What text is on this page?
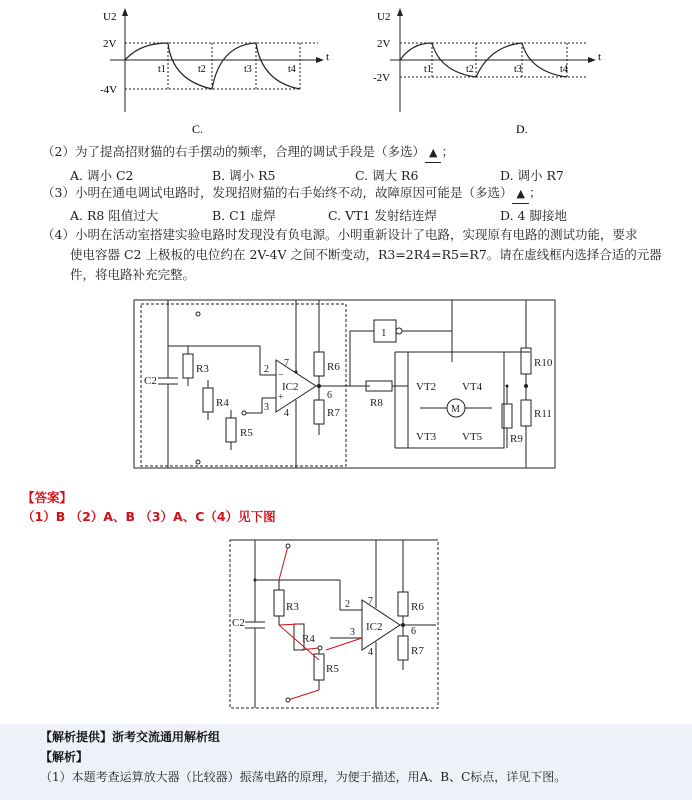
U2
t
2V
-4V
t1	t2	t3	t4
C.
U2
t
2V
-2V
t1	t2	t3	t4
D.
（2）为了提高招财猫的右手摆动的频率，合理的调试手段是（多选） ▲ ；
A. 调小 C2	B. 调小 R5	C. 调大 R6	D. 调小 R7
（3）小明在通电调试电路时，发现招财猫的右手始终不动，故障原因可能是（多选） ▲ ；
A. R8 阻值过大	B. C1 虚焊	C. VT1 发射结连焊	D. 4 脚接地
（4）小明在活动室搭建实验电路时发现没有负电源。小明重新设计了电路，实现原有电路的测试功能，要求
使电容器 C2 上极板的电位约在 2V-4V 之间不断变动，R3=2R4=R5=R7。请在虚线框内选择合适的元器
件，将电路补充完整。
C2
R3
R4
R5
R6
R7
R8
R9
R10
R11
IC2	VT2
VT3
VT4
VT5
M
1
2
3
4
6
7
−
+
【答案】
（1）B （2）A、B （3）A、C（4）见下图
C2
R3
R4
R5
R6
R7
IC2
2
3
4
6
7
【解析提供】浙考交流通用解析组
【解析】
（1）本题考查运算放大器（比较器）振荡电路的原理，为便于描述，用A、B、C标点，详见下图。
